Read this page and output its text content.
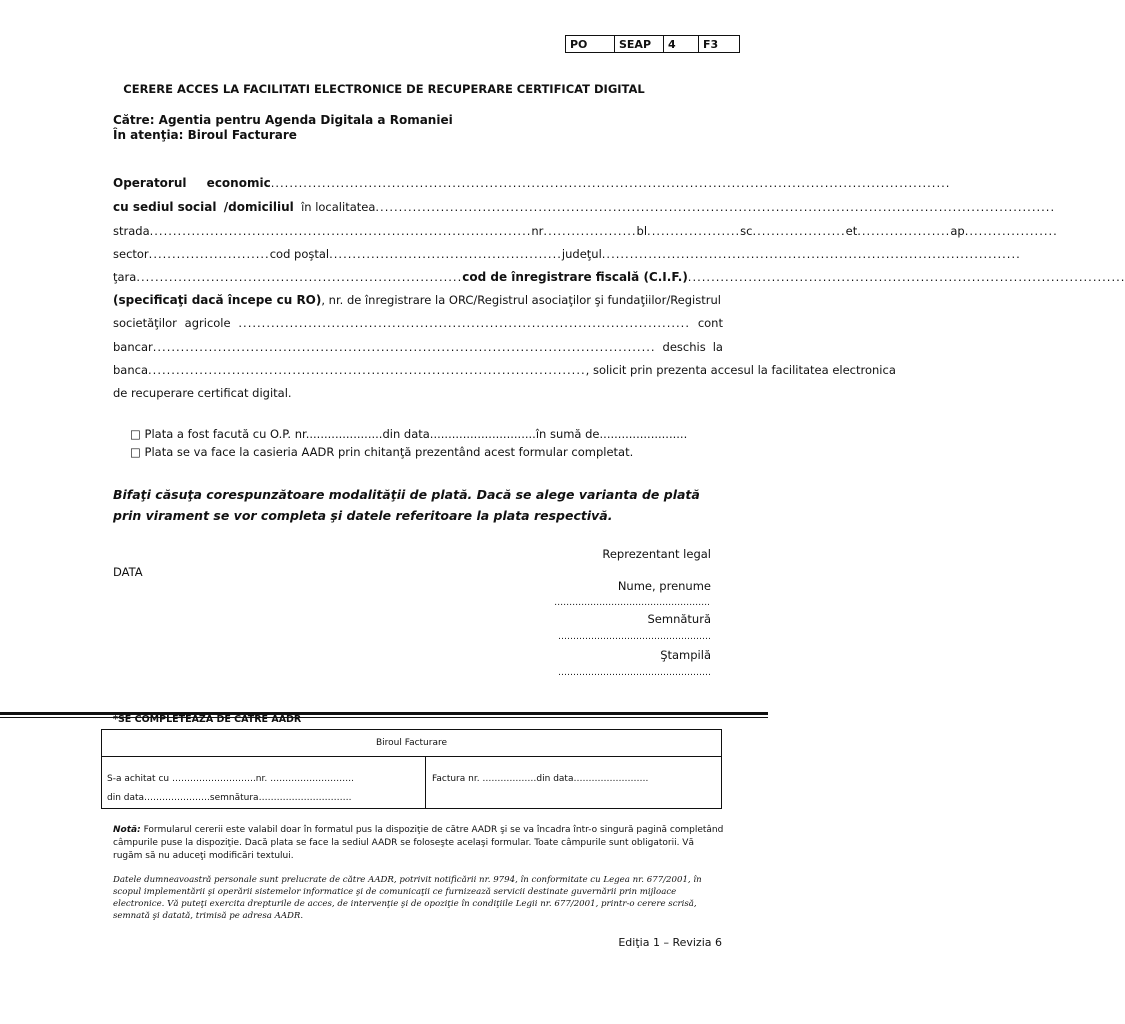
PO	SEAP	4	F3
CERERE ACCES LA FACILITATI ELECTRONICE DE RECUPERARE CERTIFICAT DIGITAL
Către: Agentia pentru Agenda Digitala a Romaniei
În atenţia: Biroul Facturare
Operatorul economic ..................................................................................................................................................
cu sediul social
/domiciliul
în localitatea ..................................................................................................................................................
strada .................................................................................. nr .................... bl .................... sc .................... et .................... ap ....................
sector .......................... cod poştal .................................................. judeţul ..........................................................................................
ţara ...................................................................... cod de înregistrare fiscală (C.I.F.) ..............................................................................................
(specificaţi dacă începe cu RO) , nr. de înregistrare la ORC/Registrul asociaţilor şi fundaţiilor/Registrul
societăţilor agricole ................................................................................................. cont
bancar ............................................................................................................ deschis la
banca .............................................................................................. , solicit prin prezenta accesul la facilitatea electronica
de recuperare certificat digital.
□ Plata a fost facută cu O.P. nr.....................din data.............................în sumă de........................
□ Plata se va face la casieria AADR prin chitanţă prezentând acest formular completat.
Bifaţi căsuţa corespunzătoare modalităţii de plată. Dacă se alege varianta de plată prin virament se vor completa şi datele referitoare la plata respectivă.
Reprezentant legal
DATA
Nume, prenume
…………………………………………….
Semnătură
……………………………………………
Ştampilă
……………………………………………
*SE COMPLETEAZA DE CATRE AADR
Biroul Facturare
S-a achitat cu ……………………….nr. ……………………….
din data………………….semnătura………………………….
Factura nr. ………………din data…………………….
Notă: Formularul cererii este valabil doar în formatul pus la dispoziţie de către AADR şi se va încadra într-o singură pagină completând câmpurile puse la dispoziţie. Dacă plata se face la sediul AADR se foloseşte acelaşi formular. Toate câmpurile sunt obligatorii. Vă rugăm să nu aduceţi modificări textului.
Datele dumneavoastră personale sunt prelucrate de către AADR, potrivit notificării nr. 9794, în conformitate cu Legea nr. 677/2001, în scopul implementării şi operării sistemelor informatice şi de comunicaţii ce furnizează servicii destinate guvernării prin mijloace electronice. Vă puteţi exercita drepturile de acces, de intervenţie şi de opoziţie în condiţiile Legii nr. 677/2001, printr-o cerere scrisă, semnată şi datată, trimisă pe adresa AADR.
Ediţia 1 – Revizia 6
